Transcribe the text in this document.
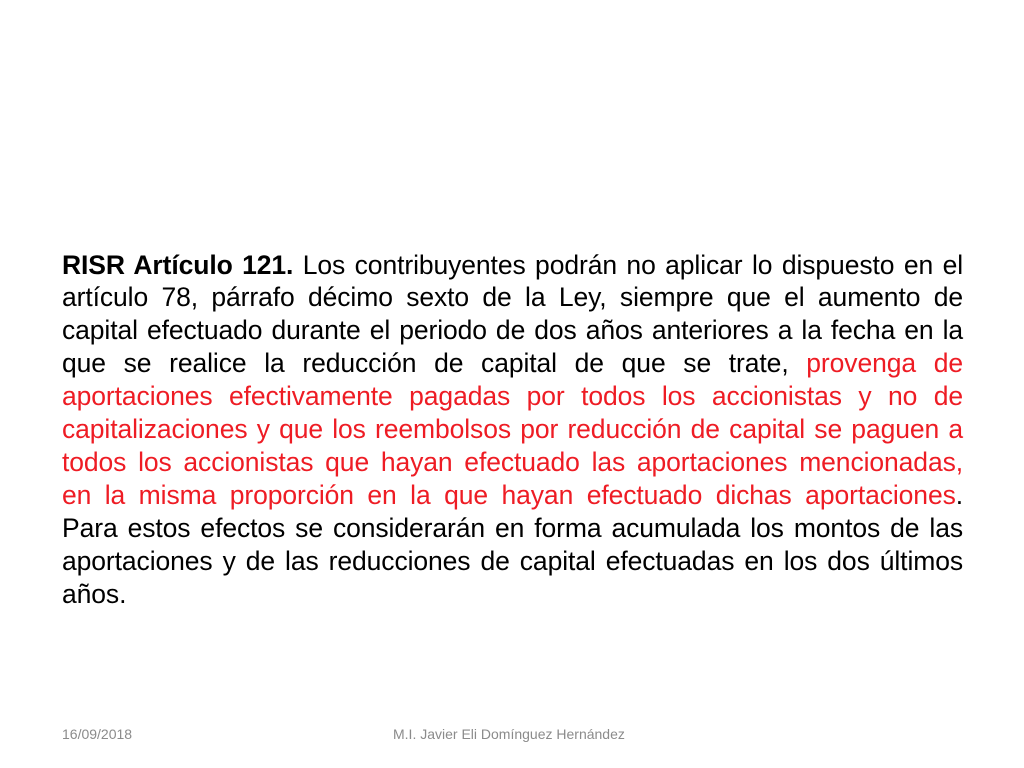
RISR Artículo 121. Los contribuyentes podrán no aplicar lo dispuesto en el artículo 78, párrafo décimo sexto de la Ley, siempre que el aumento de capital efectuado durante el periodo de dos años anteriores a la fecha en la que se realice la reducción de capital de que se trate, provenga de aportaciones efectivamente pagadas por todos los accionistas y no de capitalizaciones y que los reembolsos por reducción de capital se paguen a todos los accionistas que hayan efectuado las aportaciones mencionadas, en la misma proporción en la que hayan efectuado dichas aportaciones. Para estos efectos se considerarán en forma acumulada los montos de las aportaciones y de las reducciones de capital efectuadas en los dos últimos años.

16/09/2018	M.I. Javier Eli Domínguez Hernández
